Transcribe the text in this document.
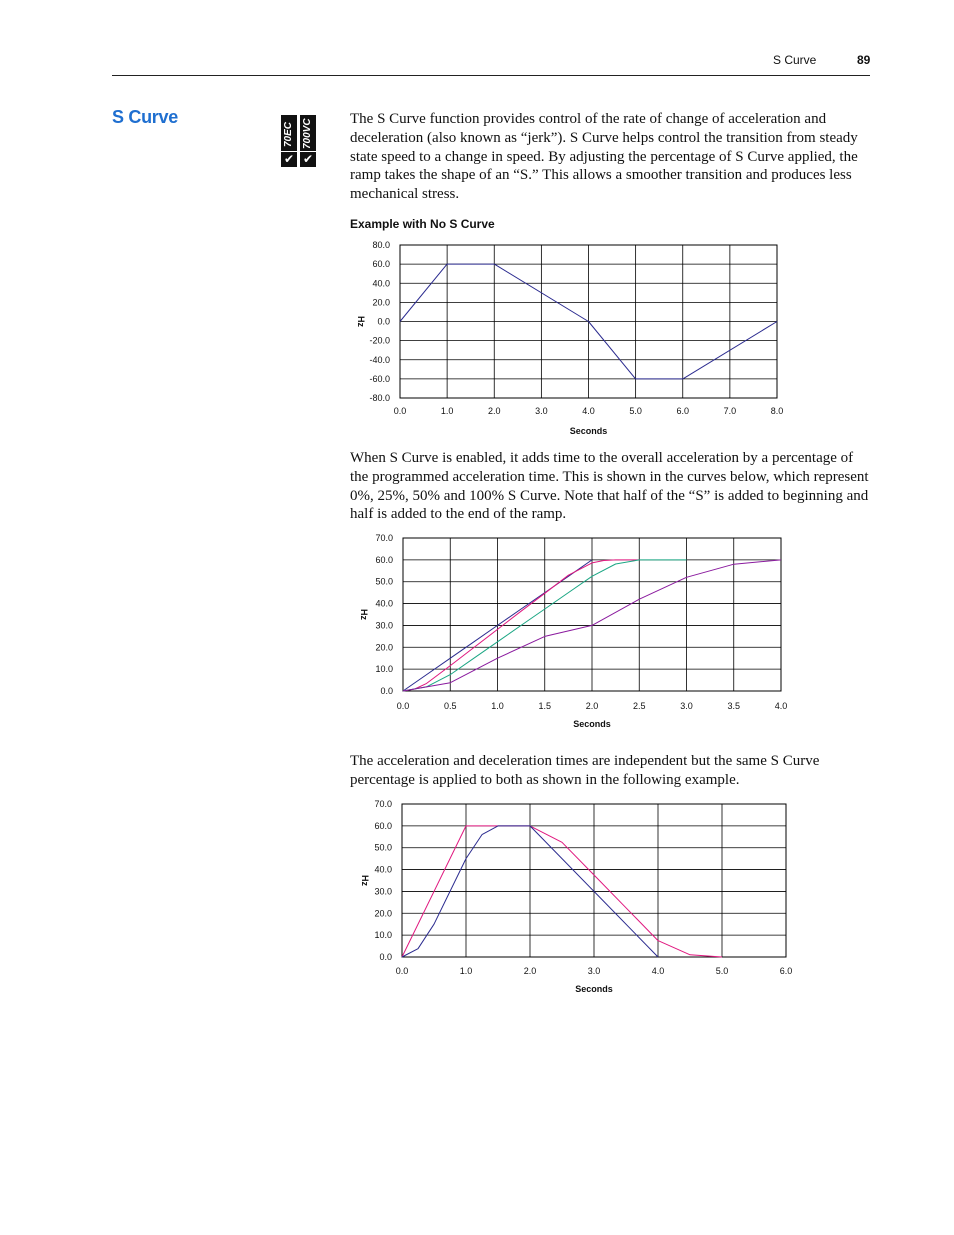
S Curve	89
S Curve
70EC
✔
700VC
✔

The S Curve function provides control of the rate of change of acceleration and deceleration (also known as “jerk”). S Curve helps control the transition from steady state speed to a change in speed. By adjusting the percentage of S Curve applied, the ramp takes the shape of an “S.” This allows a smoother transition and produces less mechanical stress.

Example with No S Curve

0.0	1.0	2.0	3.0	4.0	5.0	6.0	7.0	8.0
80.0
60.0
40.0
20.0
0.0
-20.0
-40.0
-60.0
-80.0
Seconds
Hz

When S Curve is enabled, it adds time to the overall acceleration by a percentage of the programmed acceleration time. This is shown in the curves below, which represent 0%, 25%, 50% and 100% S Curve. Note that half of the “S” is added to beginning and half is added to the end of the ramp.

0.0	0.5	1.0	1.5	2.0	2.5	3.0	3.5	4.0
70.0
60.0
50.0
40.0
30.0
20.0
10.0
0.0
Seconds
Hz

The acceleration and deceleration times are independent but the same S Curve percentage is applied to both as shown in the following example.

0.0	1.0	2.0	3.0	4.0	5.0	6.0
70.0
60.0
50.0
40.0
30.0
20.0
10.0
0.0
Seconds
Hz
